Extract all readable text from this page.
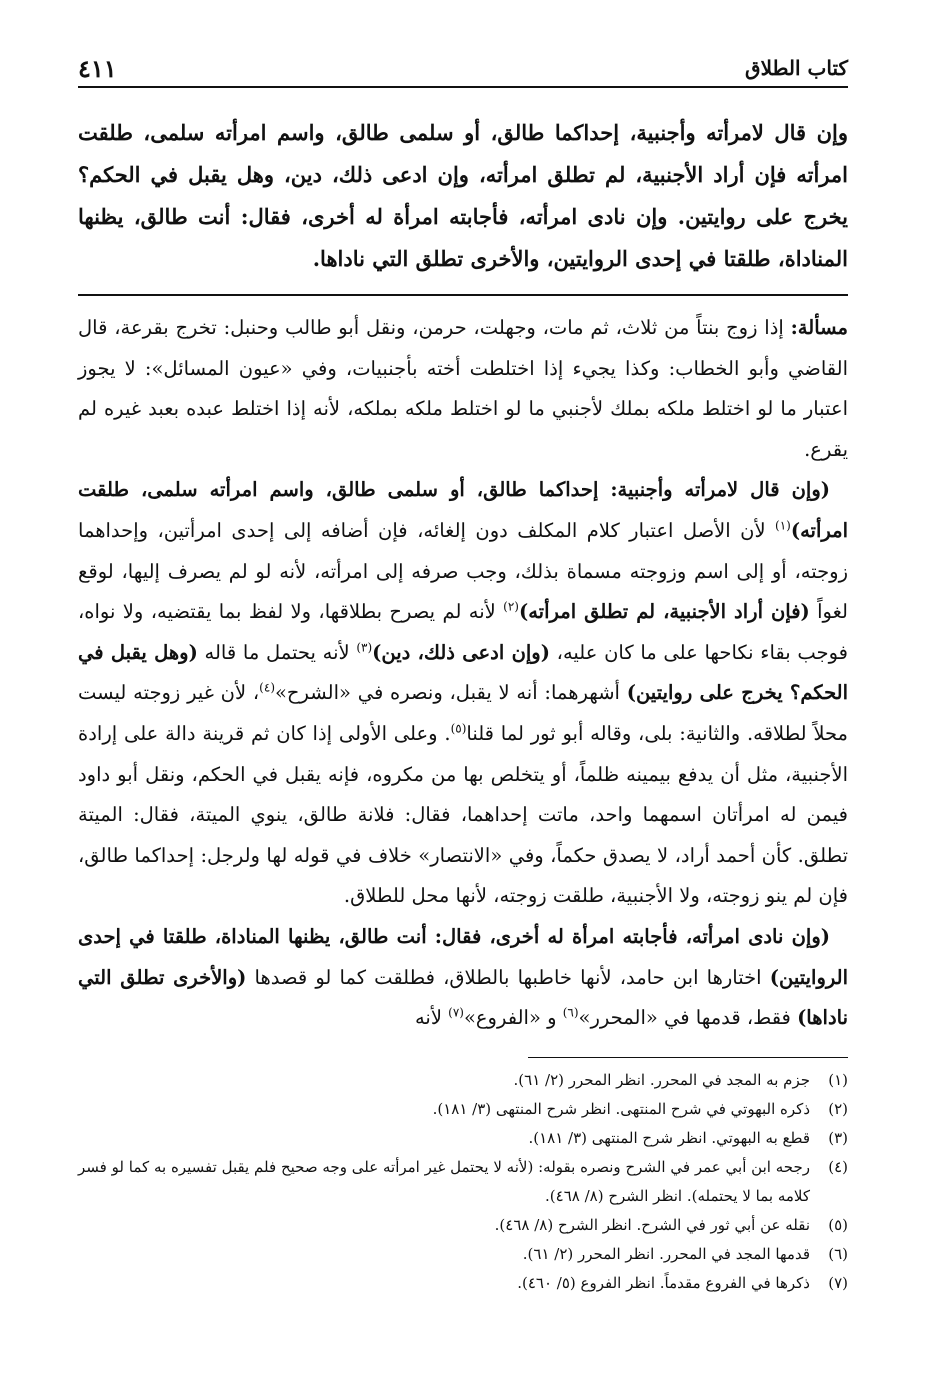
كتاب الطلاق
٤١١
وإن قال لامرأته وأجنبية، إحداكما طالق، أو سلمى طالق، واسم امرأته سلمى، طلقت امرأته فإن أراد الأجنبية، لم تطلق امرأته، وإن ادعى ذلك، دين، وهل يقبل في الحكم؟ يخرج على روايتين. وإن نادى امرأته، فأجابته امرأة له أخرى، فقال: أنت طالق، يظنها المناداة، طلقتا في إحدى الروايتين، والأخرى تطلق التي ناداها.

مسألة: إذا زوج بنتاً من ثلاث، ثم مات، وجهلت، حرمن، ونقل أبو طالب وحنبل: تخرج بقرعة، قال القاضي وأبو الخطاب: وكذا يجيء إذا اختلطت أخته بأجنبيات، وفي «عيون المسائل»: لا يجوز اعتبار ما لو اختلط ملكه بملك لأجنبي ما لو اختلط ملكه بملكه، لأنه إذا اختلط عبده بعبد غيره لم يقرع.

(وإن قال لامرأته وأجنبية: إحداكما طالق، أو سلمى طالق، واسم امرأته سلمى، طلقت امرأته)$^{(١)}$ لأن الأصل اعتبار كلام المكلف دون إلغائه، فإن أضافه إلى إحدى امرأتين، وإحداهما زوجته، أو إلى اسم وزوجته مسماة بذلك، وجب صرفه إلى امرأته، لأنه لو لم يصرف إليها، لوقع لغواً (فإن أراد الأجنبية، لم تطلق امرأته)$^{(٢)}$ لأنه لم يصرح بطلاقها، ولا لفظ بما يقتضيه، ولا نواه، فوجب بقاء نكاحها على ما كان عليه، (وإن ادعى ذلك، دين)$^{(٣)}$ لأنه يحتمل ما قاله (وهل يقبل في الحكم؟ يخرج على روايتين) أشهرهما: أنه لا يقبل، ونصره في «الشرح»$^{(٤)}$، لأن غير زوجته ليست محلاً لطلاقه. والثانية: بلى، وقاله أبو ثور لما قلنا$^{(٥)}$. وعلى الأولى إذا كان ثم قرينة دالة على إرادة الأجنبية، مثل أن يدفع بيمينه ظلماً، أو يتخلص بها من مكروه، فإنه يقبل في الحكم، ونقل أبو داود فيمن له امرأتان اسمهما واحد، ماتت إحداهما، فقال: فلانة طالق، ينوي الميتة، فقال: الميتة تطلق. كأن أحمد أراد، لا يصدق حكماً، وفي «الانتصار» خلاف في قوله لها ولرجل: إحداكما طالق، فإن لم ينو زوجته، ولا الأجنبية، طلقت زوجته، لأنها محل للطلاق.

(وإن نادى امرأته، فأجابته امرأة له أخرى، فقال: أنت طالق، يظنها المناداة، طلقتا في إحدى الروايتين) اختارها ابن حامد، لأنها خاطبها بالطلاق، فطلقت كما لو قصدها (والأخرى تطلق التي ناداها) فقط، قدمها في «المحرر»$^{(٦)}$ و «الفروع»$^{(٧)}$ لأنه

(١)
جزم به المجد في المحرر. انظر المحرر (٢/ ٦١).
(٢)
ذكره البهوتي في شرح المنتهى. انظر شرح المنتهى (٣/ ١٨١).
(٣)
قطع به البهوتي. انظر شرح المنتهى (٣/ ١٨١).
(٤)
رجحه ابن أبي عمر في الشرح ونصره بقوله: (لأنه لا يحتمل غير امرأته على وجه صحيح فلم يقبل تفسيره به كما لو فسر كلامه بما لا يحتمله). انظر الشرح (٨/ ٤٦٨).
(٥)
نقله عن أبي ثور في الشرح. انظر الشرح (٨/ ٤٦٨).
(٦)
قدمها المجد في المحرر. انظر المحرر (٢/ ٦١).
(٧)
ذكرها في الفروع مقدماً. انظر الفروع (٥/ ٤٦٠).
